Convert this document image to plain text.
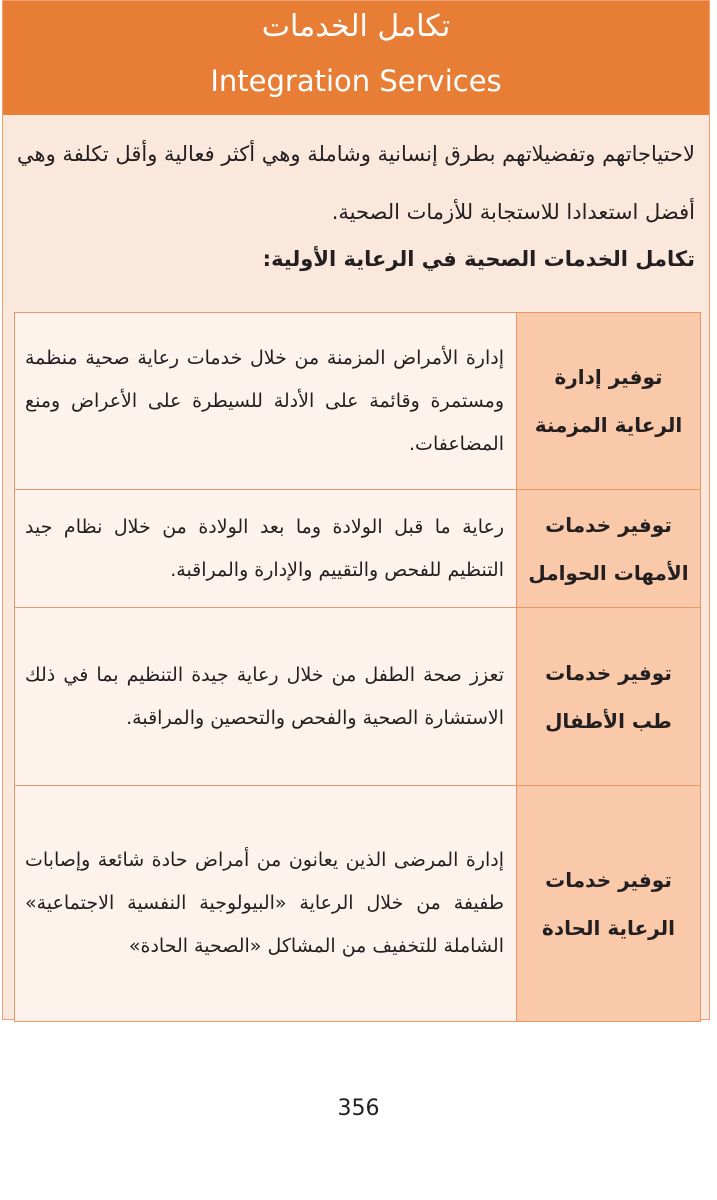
تكامل الخدمات
Integration Services
لاحتياجاتهم وتفضيلاتهم بطرق إنسانية وشاملة وهي أكثر فعالية وأقل تكلفة وهي أفضل استعدادا للاستجابة للأزمات الصحية.
تكامل الخدمات الصحية في الرعاية الأولية:
توفير إدارة الرعاية المزمنة	إدارة الأمراض المزمنة من خلال خدمات رعاية صحية منظمة ومستمرة وقائمة على الأدلة للسيطرة على الأعراض ومنع المضاعفات.
توفير خدمات الأمهات الحوامل	رعاية ما قبل الولادة وما بعد الولادة من خلال نظام جيد التنظيم للفحص والتقييم والإدارة والمراقبة.
توفير خدمات طب الأطفال	تعزز صحة الطفل من خلال رعاية جيدة التنظيم بما في ذلك الاستشارة الصحية والفحص والتحصين والمراقبة.
توفير خدمات الرعاية الحادة	إدارة المرضى الذين يعانون من أمراض حادة شائعة وإصابات طفيفة من خلال الرعاية «البيولوجية النفسية الاجتماعية» الشاملة للتخفيف من المشاكل «الصحية الحادة»
356
